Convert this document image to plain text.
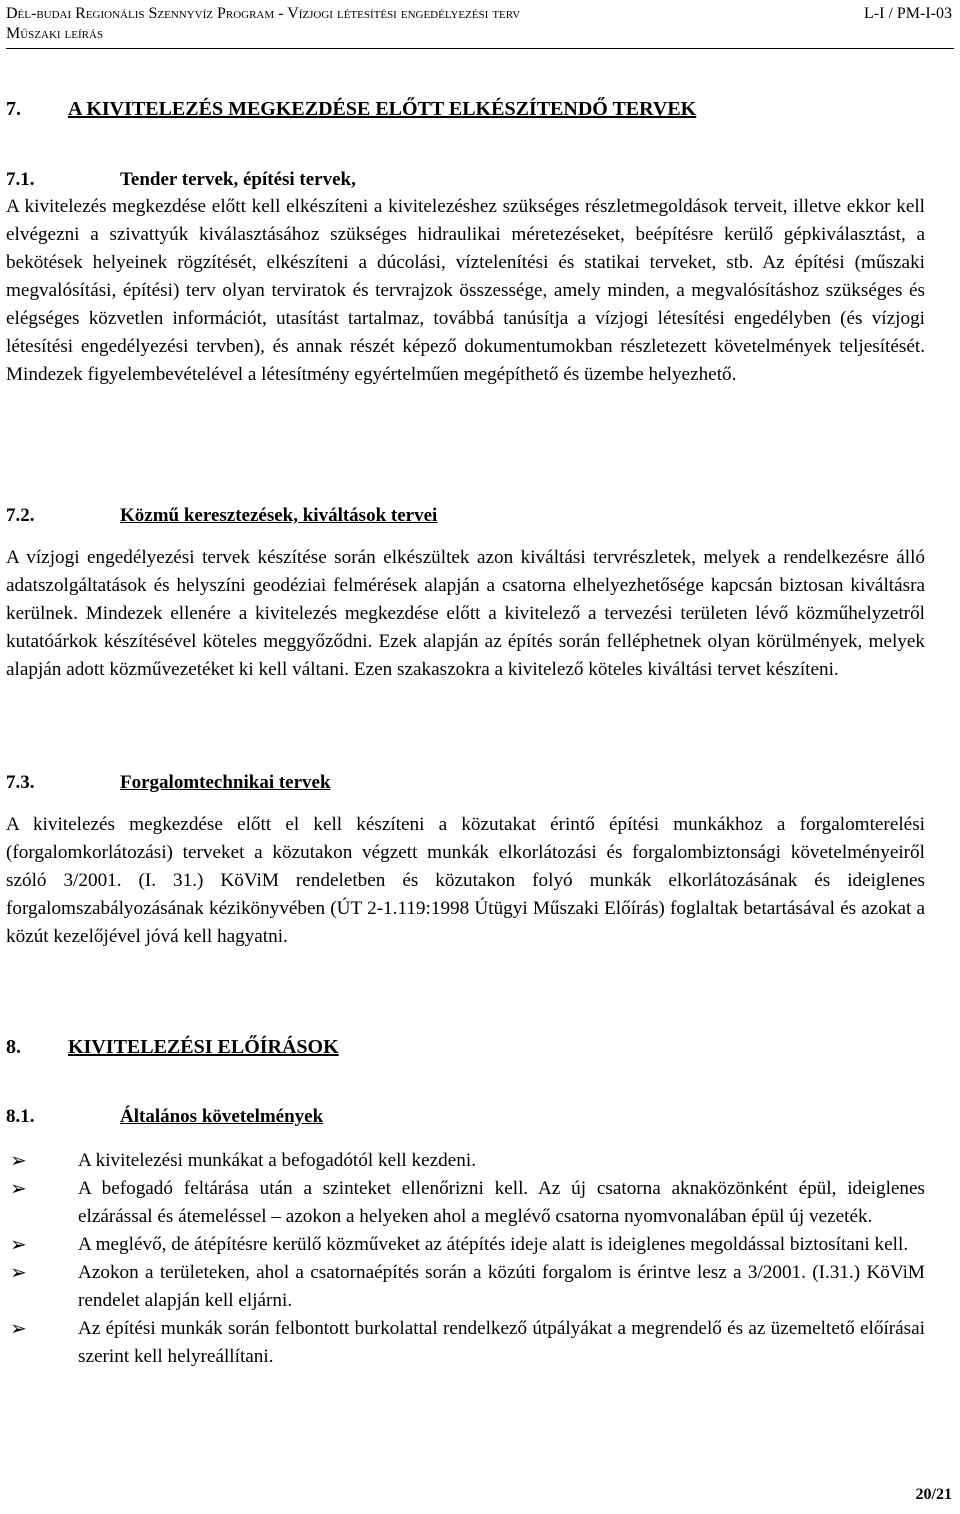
Dél-budai Regionális Szennyvíz Program - Vízjogi létesítési engedélyezési terv	L-I / PM-I-03
Műszaki leírás
7. A KIVITELEZÉS MEGKEZDÉSE ELŐTT ELKÉSZÍTENDŐ TERVEK
7.1.	Tender tervek, építési tervek,

A kivitelezés megkezdése előtt kell elkészíteni a kivitelezéshez szükséges részletmegoldások terveit, illetve ekkor kell elvégezni a szivattyúk kiválasztásához szükséges hidraulikai méretezéseket, beépítésre kerülő gépkiválasztást, a bekötések helyeinek rögzítését, elkészíteni a dúcolási, víztelenítési és statikai terveket, stb. Az építési (műszaki megvalósítási, építési) terv olyan terviratok és tervrajzok összessége, amely minden, a megvalósításhoz szükséges és elégséges közvetlen információt, utasítást tartalmaz, továbbá tanúsítja a vízjogi létesítési engedélyben (és vízjogi létesítési engedélyezési tervben), és annak részét képező dokumentumokban részletezett követelmények teljesítését. Mindezek figyelembevételével a létesítmény egyértelműen megépíthető és üzembe helyezhető.

7.2.	Közmű keresztezések, kiváltások tervei

A vízjogi engedélyezési tervek készítése során elkészültek azon kiváltási tervrészletek, melyek a rendelkezésre álló adatszolgáltatások és helyszíni geodéziai felmérések alapján a csatorna elhelyezhetősége kapcsán biztosan kiváltásra kerülnek. Mindezek ellenére a kivitelezés megkezdése előtt a kivitelező a tervezési területen lévő közműhelyzetről kutatóárkok készítésével köteles meggyőződni. Ezek alapján az építés során felléphetnek olyan körülmények, melyek alapján adott közművezetéket ki kell váltani. Ezen szakaszokra a kivitelező köteles kiváltási tervet készíteni.

7.3.	Forgalomtechnikai tervek

A kivitelezés megkezdése előtt el kell készíteni a közutakat érintő építési munkákhoz a forgalomterelési (forgalomkorlátozási) terveket a közutakon végzett munkák elkorlátozási és forgalombiztonsági követelményeiről szóló 3/2001. (I. 31.) KöViM rendeletben és közutakon folyó munkák elkorlátozásának és ideiglenes forgalomszabályozásának kézikönyvében (ÚT 2-1.119:1998 Útügyi Műszaki Előírás) foglaltak betartásával és azokat a közút kezelőjével jóvá kell hagyatni.

8. KIVITELEZÉSI ELŐÍRÁSOK
8.1.	Általános követelmények
➢	A kivitelezési munkákat a befogadótól kell kezdeni.
➢	A befogadó feltárása után a szinteket ellenőrizni kell. Az új csatorna aknaközönként épül, ideiglenes elzárással és átemeléssel – azokon a helyeken ahol a meglévő csatorna nyomvonalában épül új vezeték.
➢	A meglévő, de átépítésre kerülő közműveket az átépítés ideje alatt is ideiglenes megoldással biztosítani kell.
➢	Azokon a területeken, ahol a csatornaépítés során a közúti forgalom is érintve lesz a 3/2001. (I.31.) KöViM rendelet alapján kell eljárni.
➢	Az építési munkák során felbontott burkolattal rendelkező útpályákat a megrendelő és az üzemeltető előírásai szerint kell helyreállítani.
20/21
